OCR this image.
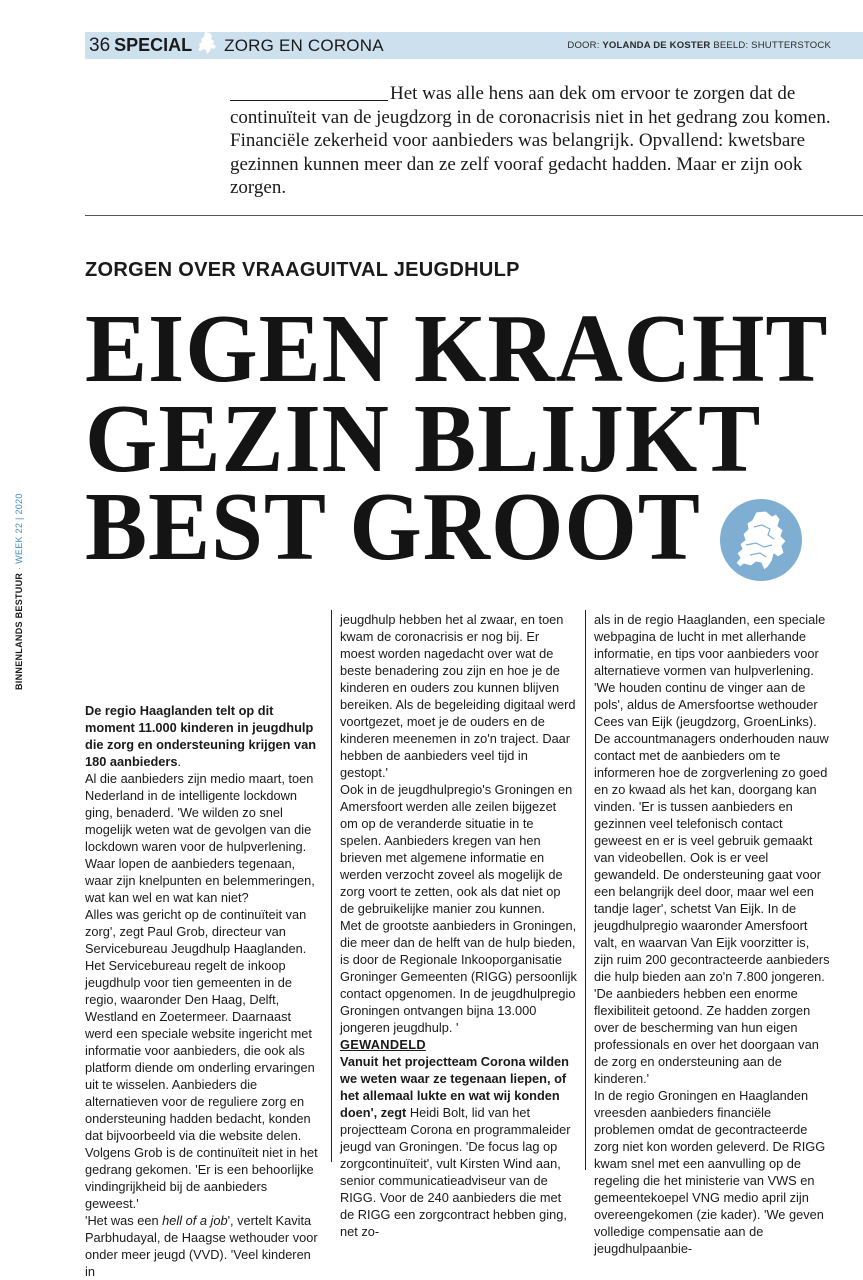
36 SPECIAL ZORG EN CORONA	DOOR: YOLANDA DE KOSTER BEELD: SHUTTERSTOCK
BINNENLANDS BESTUUR · WEEK 22 | 2020

Het was alle hens aan dek om ervoor te zorgen dat de continuïteit van de jeugdzorg in de coronacrisis niet in het gedrang zou komen. Financiële zekerheid voor aanbieders was belangrijk. Opvallend: kwetsbare gezinnen kunnen meer dan ze zelf vooraf gedacht hadden. Maar er zijn ook zorgen.

ZORGEN OVER VRAAGUITVAL JEUGDHULP
EIGEN KRACHT
GEZIN BLIJKT
BEST GROOT

De regio Haaglanden telt op dit moment 11.000 kinderen in jeugdhulp die zorg en ondersteuning krijgen van 180 aanbieders.

Al die aanbieders zijn medio maart, toen Nederland in de intelligente lockdown ging, benaderd. 'We wilden zo snel mogelijk weten wat de gevolgen van die lockdown waren voor de hulpverlening. Waar lopen de aanbieders tegenaan, waar zijn knelpunten en belemmeringen, wat kan wel en wat kan niet?

Alles was gericht op de continuïteit van zorg', zegt Paul Grob, directeur van Servicebureau Jeugdhulp Haaglanden. Het Servicebureau regelt de inkoop jeugdhulp voor tien gemeenten in de regio, waaronder Den Haag, Delft, Westland en Zoetermeer. Daarnaast werd een speciale website ingericht met informatie voor aanbieders, die ook als platform diende om onderling ervaringen uit te wisselen. Aanbieders die alternatieven voor de reguliere zorg en ondersteuning hadden bedacht, konden dat bijvoorbeeld via die website delen.

Volgens Grob is de continuïteit niet in het gedrang gekomen. 'Er is een behoorlijke vindingrijkheid bij de aanbieders geweest.'

'Het was een hell of a job', vertelt Kavita Parbhudayal, de Haagse wethouder voor onder meer jeugd (VVD). 'Veel kinderen in

jeugdhulp hebben het al zwaar, en toen kwam de coronacrisis er nog bij. Er moest worden nagedacht over wat de beste benadering zou zijn en hoe je de kinderen en ouders zou kunnen blijven bereiken. Als de begeleiding digitaal werd voortgezet, moet je de ouders en de kinderen meenemen in zo'n traject. Daar hebben de aanbieders veel tijd in gestopt.'

Ook in de jeugdhulpregio's Groningen en Amersfoort werden alle zeilen bijgezet om op de veranderde situatie in te spelen. Aanbieders kregen van hen brieven met algemene informatie en werden verzocht zoveel als mogelijk de zorg voort te zetten, ook als dat niet op de gebruikelijke manier zou kunnen.

Met de grootste aanbieders in Groningen, die meer dan de helft van de hulp bieden, is door de Regionale Inkooporganisatie Groninger Gemeenten (RIGG) persoonlijk contact opgenomen. In de jeugdhulpregio Groningen ontvangen bijna 13.000 jongeren jeugdhulp. '

GEWANDELD

Vanuit het projectteam Corona wilden we weten waar ze tegenaan liepen, of het allemaal lukte en wat wij konden doen', zegt Heidi Bolt, lid van het projectteam Corona en programmaleider jeugd van Groningen. 'De focus lag op zorgcontinuïteit', vult Kirsten Wind aan, senior communicatieadviseur van de RIGG. Voor de 240 aanbieders die met de RIGG een zorgcontract hebben ging, net zo-

als in de regio Haaglanden, een speciale webpagina de lucht in met allerhande informatie, en tips voor aanbieders voor alternatieve vormen van hulpverlening.

'We houden continu de vinger aan de pols', aldus de Amersfoortse wethouder Cees van Eijk (jeugdzorg, GroenLinks). De accountmanagers onderhouden nauw contact met de aanbieders om te informeren hoe de zorgverlening zo goed en zo kwaad als het kan, doorgang kan vinden. 'Er is tussen aanbieders en gezinnen veel telefonisch contact geweest en er is veel gebruik gemaakt van videobellen. Ook is er veel gewandeld. De ondersteuning gaat voor een belangrijk deel door, maar wel een tandje lager', schetst Van Eijk. In de jeugdhulpregio waaronder Amersfoort valt, en waarvan Van Eijk voorzitter is, zijn ruim 200 gecontracteerde aanbieders die hulp bieden aan zo'n 7.800 jongeren. 'De aanbieders hebben een enorme flexibiliteit getoond. Ze hadden zorgen over de bescherming van hun eigen professionals en over het doorgaan van de zorg en ondersteuning aan de kinderen.'

In de regio Groningen en Haaglanden vreesden aanbieders financiële problemen omdat de gecontracteerde zorg niet kon worden geleverd. De RIGG kwam snel met een aanvulling op de regeling die het ministerie van VWS en gemeentekoepel VNG medio april zijn overeengekomen (zie kader). 'We geven volledige compensatie aan de jeugdhulpaanbie-
